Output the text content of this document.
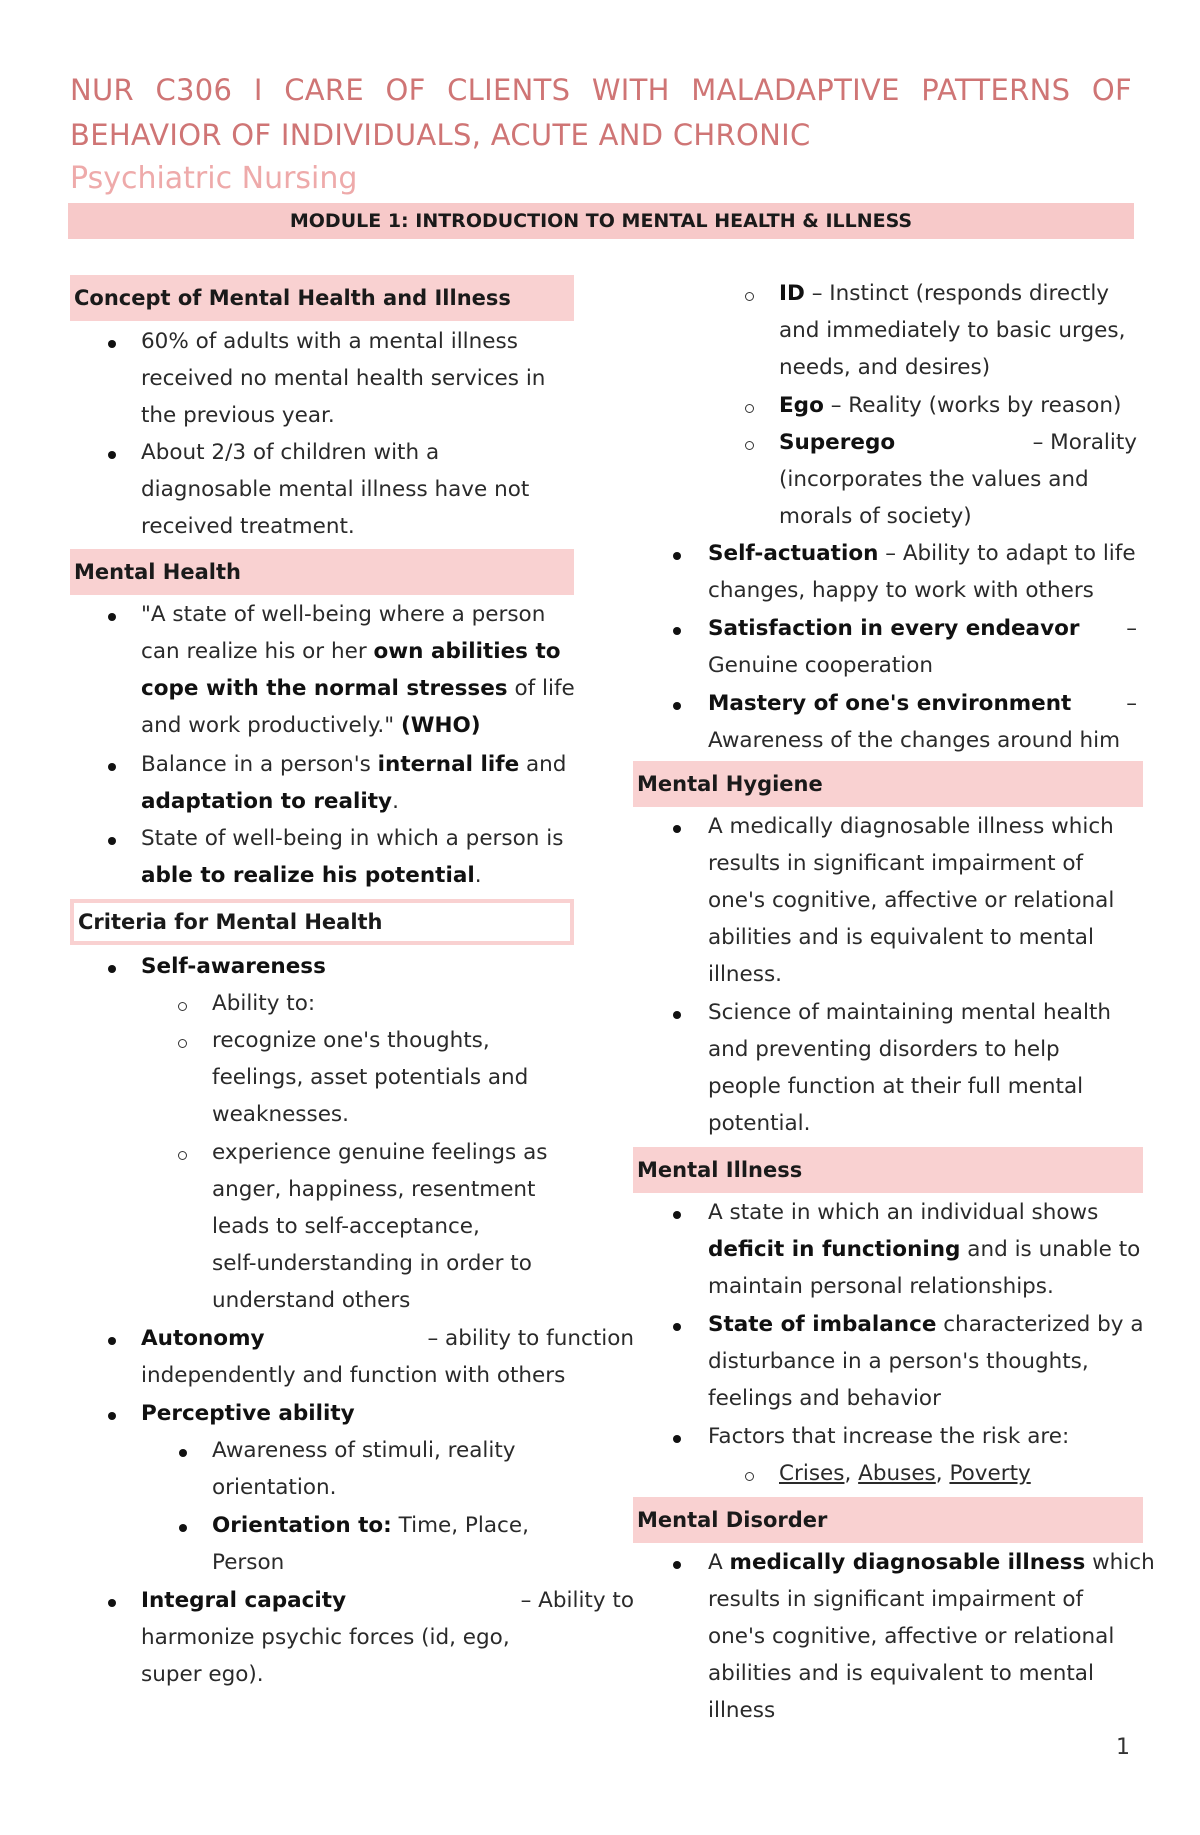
NUR C306 I CARE OF CLIENTS WITH MALADAPTIVE PATTERNS OF
BEHAVIOR OF INDIVIDUALS, ACUTE AND CHRONIC
Psychiatric Nursing
MODULE 1: INTRODUCTION TO MENTAL HEALTH & ILLNESS
Concept of Mental Health and Illness
60% of adults with a mental illness
received no mental health services in
the previous year.
About 2/3 of children with a
diagnosable mental illness have not
received treatment.
Mental Health
"A state of well-being where a person
can realize his or her own abilities to
cope with the normal stresses of life
and work productively." (WHO)
Balance in a person's internal life and
adaptation to reality.
State of well-being in which a person is
able to realize his potential.
Criteria for Mental Health
Self-awareness
Ability to:
recognize one's thoughts,
feelings, asset potentials and
weaknesses.
experience genuine feelings as
anger, happiness, resentment
leads to self-acceptance,
self-understanding in order to
understand others
Autonomy	– ability to function
independently and function with others
Perceptive ability
Awareness of stimuli, reality
orientation.
Orientation to: Time, Place,
Person
Integral capacity	– Ability to
harmonize psychic forces (id, ego,
super ego).
ID – Instinct (responds directly
and immediately to basic urges,
needs, and desires)
Ego – Reality (works by reason)
Superego	– Morality
(incorporates the values and
morals of society)
Self-actuation – Ability to adapt to life
changes, happy to work with others
Satisfaction in every endeavor –
Genuine cooperation
Mastery of one's environment	–
Awareness of the changes around him
Mental Hygiene
A medically diagnosable illness which
results in significant impairment of
one's cognitive, affective or relational
abilities and is equivalent to mental
illness.
Science of maintaining mental health
and preventing disorders to help
people function at their full mental
potential.
Mental Illness
A state in which an individual shows
deficit in functioning and is unable to
maintain personal relationships.
State of imbalance characterized by a
disturbance in a person's thoughts,
feelings and behavior
Factors that increase the risk are:
Crises, Abuses, Poverty
Mental Disorder
A medically diagnosable illness which
results in significant impairment of
one's cognitive, affective or relational
abilities and is equivalent to mental
illness
1
